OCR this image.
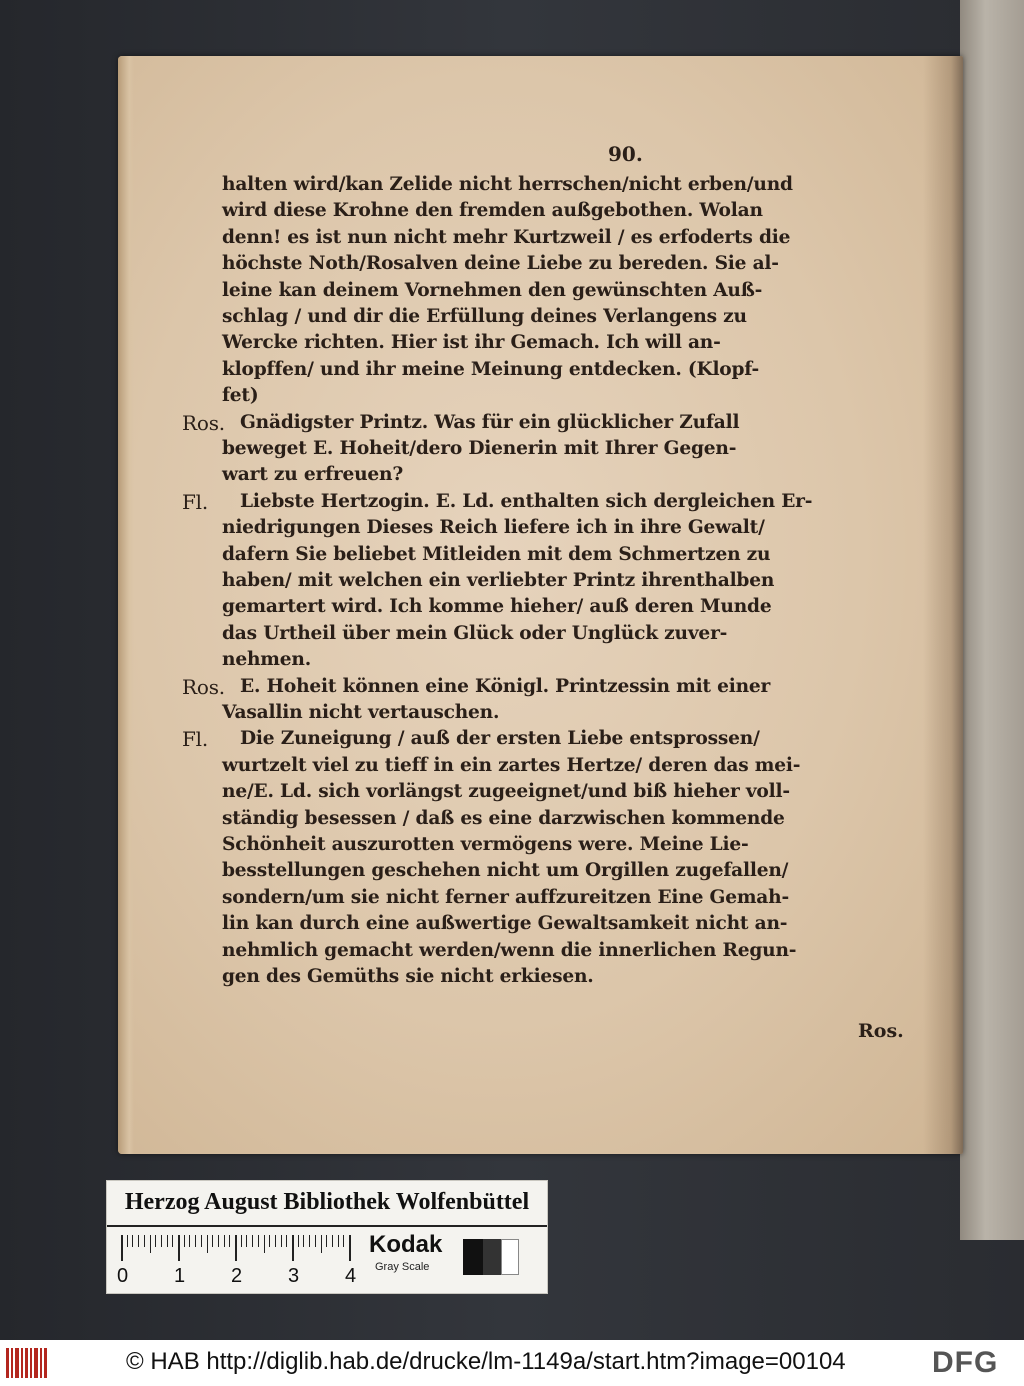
90.
halten wird/kan Zelide nicht herrschen/nicht erben/und
wird diese Krohne den fremden außgebothen. Wolan
denn! es ist nun nicht mehr Kurtzweil / es erfoderts die
höchste Noth/Rosalven deine Liebe zu bereden. Sie al-
leine kan deinem Vornehmen den gewünschten Auß-
schlag / und dir die Erfüllung deines Verlangens zu
Wercke richten. Hier ist ihr Gemach. Ich will an-
klopffen/ und ihr meine Meinung entdecken. (Klopf-
fet)
Ros. Gnädigster Printz. Was für ein glücklicher Zufall
beweget E. Hoheit/dero Dienerin mit Ihrer Gegen-
wart zu erfreuen?
Fl. Liebste Hertzogin. E. Ld. enthalten sich dergleichen Er-
niedrigungen Dieses Reich liefere ich in ihre Gewalt/
dafern Sie beliebet Mitleiden mit dem Schmertzen zu
haben/ mit welchen ein verliebter Printz ihrenthalben
gemartert wird. Ich komme hieher/ auß deren Munde
das Urtheil über mein Glück oder Unglück zuver-
nehmen.
Ros. E. Hoheit können eine Königl. Printzessin mit einer
Vasallin nicht vertauschen.
Fl. Die Zuneigung / auß der ersten Liebe entsprossen/
wurtzelt viel zu tieff in ein zartes Hertze/ deren das mei-
ne/E. Ld. sich vorlängst zugeeignet/und biß hieher voll-
ständig besessen / daß es eine darzwischen kommende
Schönheit auszurotten vermögens were. Meine Lie-
besstellungen geschehen nicht um Orgillen zugefallen/
sondern/um sie nicht ferner auffzureitzen Eine Gemah-
lin kan durch eine außwertige Gewaltsamkeit nicht an-
nehmlich gemacht werden/wenn die innerlichen Regun-
gen des Gemüths sie nicht erkiesen.
Ros.
Herzog August Bibliothek Wolfenbüttel
0 1 2 3 4
Kodak
Gray Scale
© HAB http://diglib.hab.de/drucke/lm-1149a/start.htm?image=00104	DFG
